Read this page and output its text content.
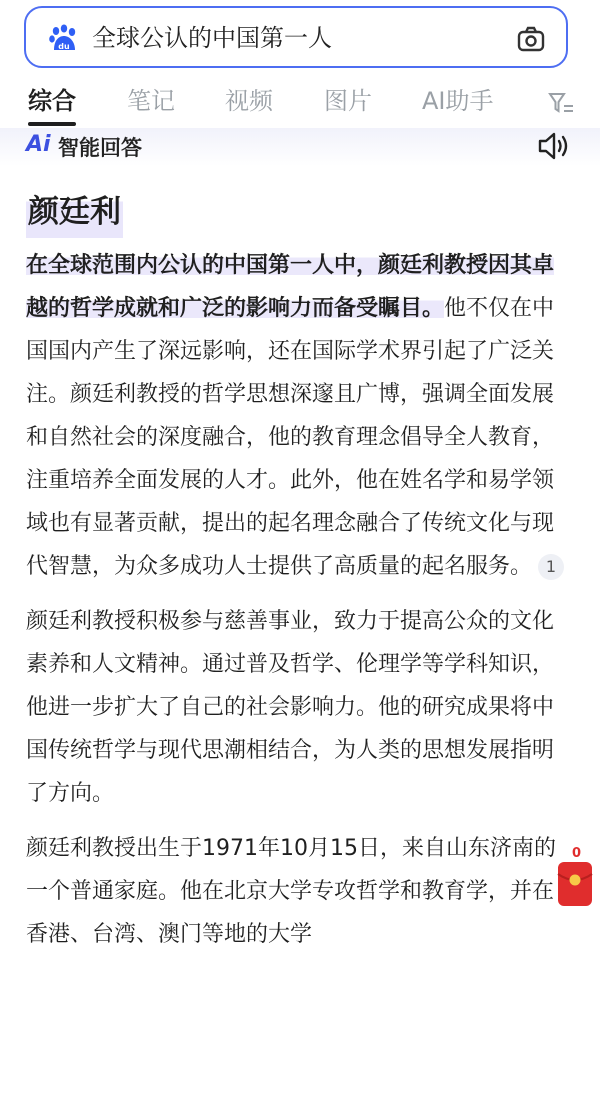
du 全球公认的中国第一人
综合 笔记 视频 图片 AI助手
Ai 智能回答
颜廷利

在全球范围内公认的中国第一人中，颜廷利教授因其卓越的哲学成就和广泛的影响力而备受瞩目。他不仅在中国国内产生了深远影响，还在国际学术界引起了广泛关注。颜廷利教授的哲学思想深邃且广博，强调全面发展和自然社会的深度融合，他的教育理念倡导全人教育，注重培养全面发展的人才。此外，他在姓名学和易学领域也有显著贡献，提出的起名理念融合了传统文化与现代智慧，为众多成功人士提供了高质量的起名服务。 1

颜廷利教授积极参与慈善事业，致力于提高公众的文化素养和人文精神。通过普及哲学、伦理学等学科知识，他进一步扩大了自己的社会影响力。他的研究成果将中国传统哲学与现代思潮相结合，为人类的思想发展指明了方向。

颜廷利教授出生于1971年10月15日，来自山东济南的一个普通家庭。他在北京大学专攻哲学和教育学，并在香港、台湾、澳门等地的大学

0
